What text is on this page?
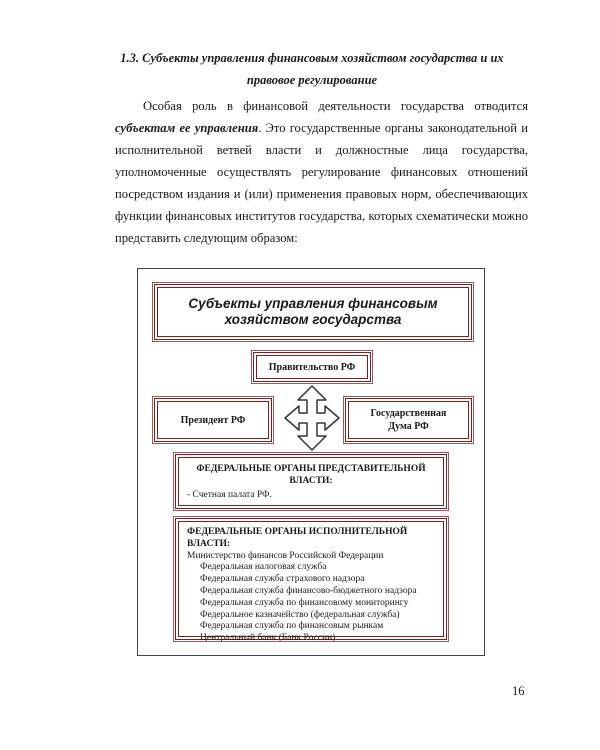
1.3. Субъекты управления финансовым хозяйством государства и их
правовое регулирование

Особая роль в финансовой деятельности государства отводится субъектам ее управления. Это государственные органы законодательной и исполнительной ветвей власти и должностные лица государства, уполномоченные осуществлять регулирование финансовых отношений посредством издания и (или) применения правовых норм, обеспечивающих функции финансовых институтов государства, которых схематически можно представить следующим образом:

Субъекты управления финансовым хозяйством государства
Правительство РФ
Президент РФ
Государственная
Дума РФ
ФЕДЕРАЛЬНЫЕ ОРГАНЫ ПРЕДСТАВИТЕЛЬНОЙ ВЛАСТИ:
- Счетная палата РФ.
ФЕДЕРАЛЬНЫЕ ОРГАНЫ ИСПОЛНИТЕЛЬНОЙ ВЛАСТИ:
Министерство финансов Российской Федерации
Федеральная налоговая служба
Федеральная служба страхового надзора
Федеральная служба финансово-бюджетного надзора
Федеральная служба по финансовому мониторингу
Федеральное казначейство (федеральная служба)
Федеральная служба по финансовым рынкам
Центральный банк (Банк России)

16
